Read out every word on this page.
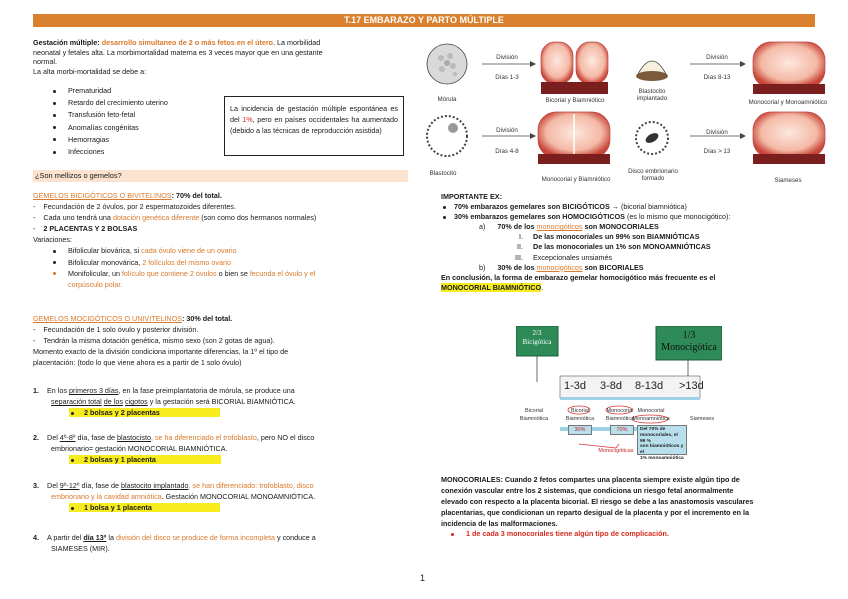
T.17 EMBARAZO Y PARTO MÚLTIPLE
Gestación múltiple: desarrollo simultaneo de 2 o más fetos en el útero. La morbilidad
neonatal y fetales alta. La morbimortalidad materna es 3 veces mayor que en una gestante
normal.
La alta morbi-mortalidad se debe a:
Prematuridad
Retardo del crecimiento uterino
Transfusión feto-fetal
Anomalías congénitas
Hemorragias
Infecciones
La incidencia de gestación múltiple espontánea es del 1%, pero en países occidentales ha aumentado (debido a las técnicas de reproducción asistida)
¿Son mellizos o gemelos?
GEMELOS BICIGÓTICOS O BIVITELINOS: 70% del total.
-    Fecundación de 2 óvulos, por 2 espermatozoides diferentes.
-    Cada uno tendrá una dotación genética diferente (son como dos hermanos normales)
-    2 PLACENTAS Y 2 BOLSAS
Variaciones:
Bifolicular biovárica, si cada óvulo viene de un ovario
Bifolicular monovárica, 2 folículos del mismo ovario
Monifolicular, un folículo que contiene 2 óvulos o bien se fecunda el óvulo y el
corpúsculo polar.
GEMELOS MOCIGÓTICOS O UNIVITELINOS: 30% del total.
-    Fecundación de 1 solo óvulo y posterior división.
-    Tendrán la misma dotación genética, mismo sexo (son 2 gotas de agua).
Momento exacto de la división condiciona importante diferencias, la 1º el tipo de
placentación: (todo lo que viene ahora es a partir de 1 solo óvulo)
1. En los primeros 3 días, en la fase preimplantatoria de mórula, se produce una
separación total de los cigotos y la gestación será BICORIAL BIAMNIÓTICA.
2 bolsas y 2 placentas
2. Del 4º-8º día, fase de blastocisto, se ha diferenciado el trofoblasto, pero NO el disco
embrionario= gestación MONOCORIAL BIAMNIÓTICA.
2 bolsas y 1 placenta
3. Del 9º-12º día, fase de blastocito implantado, se han diferenciado: trofoblasto, disco
embrionario y la cavidad amniótica. Gestación MONOCORIAL MONOAMNIÓTICA.
1 bolsa y 1 placenta
4. A partir del día 13º la división del disco se produce de forma incompleta y conduce a
SIAMESES (MIR).
Mórula
División
Días 1-3
Bicorial y Biamniótico
Blastocito
implantado
División
Días 8-13
Monocorial y Monoamniótico
Blastocito
División
Días 4-8
Monocorial y Biamniótico
Disco embrionario
formado
División
Días > 13
Siameses
IMPORTANTE EX:
70% embarazos gemelares son BICIGÓTICOS → (bicorial biamniótica)
30% embarazos gemelares son HOMOCIGÓTICOS (es lo mismo que monocigótico):
a) 70% de los monocigóticos son MONOCORIALES
I. De las monocoriales un 99% son BIAMNIÓTICAS
II. De las monocoriales un 1% son MONOAMNIÓTICAS
III. Excepcionales unsiamés
b) 30% de los monocigóticos son BICORIALES
En conclusión, la forma de embarazo gemelar homocigótico más frecuente es el
MONOCORIAL BIAMNIÓTICO.
2/3
Bicigótica
1/3
Monocigótica
1-3d	3-8d	8-13d	>13d
Bicorial
Biamniótica
Bicorial
Biamniótica
Monocorial
Biamniótica
Monocorial
Monoamniótica	Siameses
30%	70%	Del 70% de
monocoriales, el 99 %
son biamnióticos y el
1% monoamniótica
Monocigóticas
MONOCORIALES: Cuando 2 fetos compartes una placenta siempre existe algún tipo de
conexión vascular entre los 2 sistemas, que condiciona un riesgo fetal anormalmente
elevado con respecto a la placenta bicorial. El riesgo se debe a las anastomosis vasculares
placentarias, que condicionan un reparto desigual de la placenta y por el incremento en la
incidencia de las malformaciones.
1 de cada 3 monocoriales tiene algún tipo de complicación.
1
